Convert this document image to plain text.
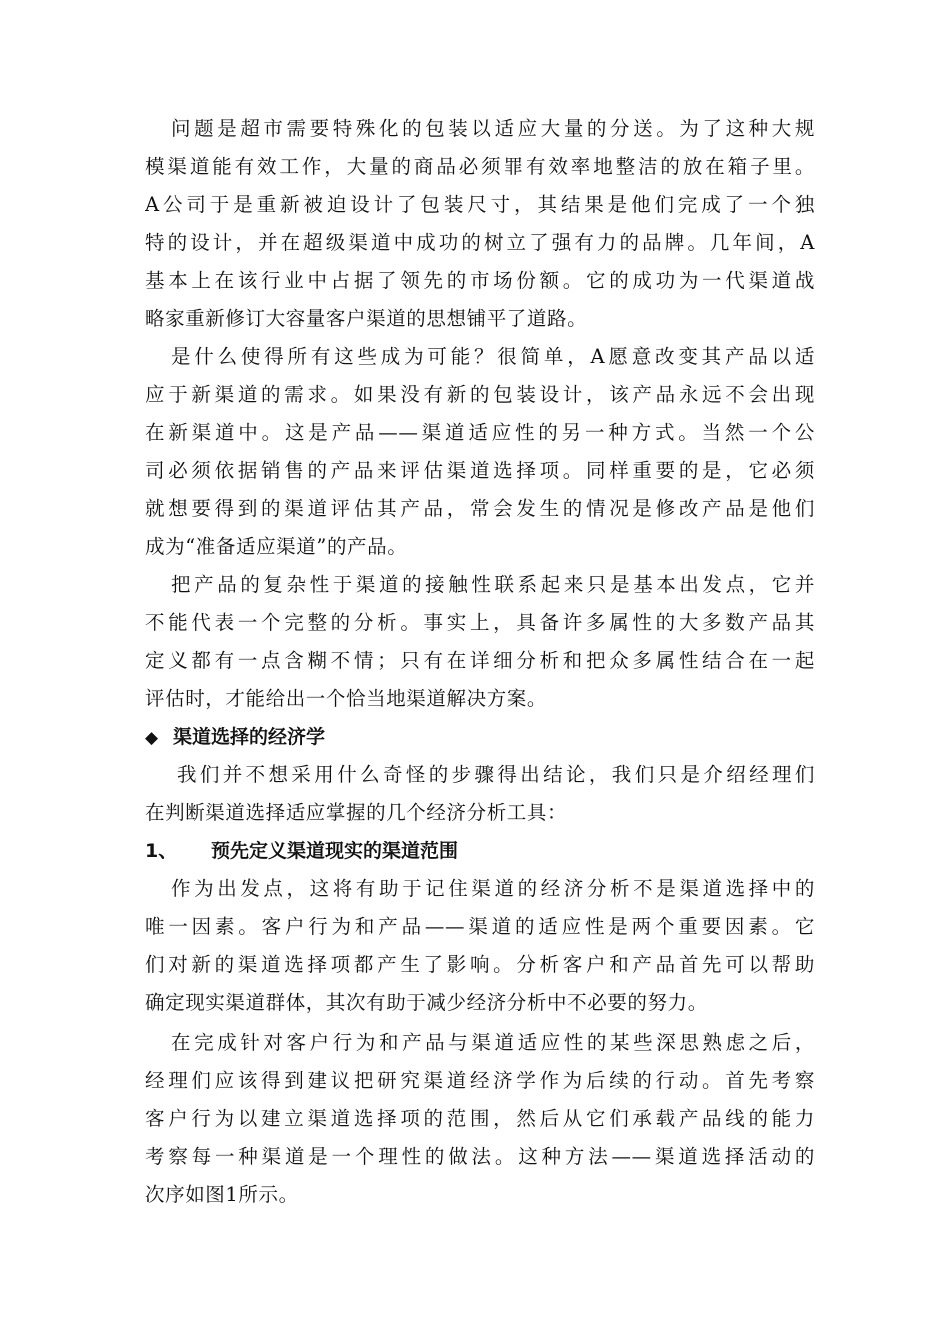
问题是超市需要特殊化的包装以适应大量的分送。为了这种大规
模渠道能有效工作，大量的商品必须罪有效率地整洁的放在箱子里。
A公司于是重新被迫设计了包装尺寸，其结果是他们完成了一个独
特的设计，并在超级渠道中成功的树立了强有力的品牌。几年间，A
基本上在该行业中占据了领先的市场份额。它的成功为一代渠道战
略家重新修订大容量客户渠道的思想铺平了道路。
是什么使得所有这些成为可能？很简单，A愿意改变其产品以适
应于新渠道的需求。如果没有新的包装设计，该产品永远不会出现
在新渠道中。这是产品——渠道适应性的另一种方式。当然一个公
司必须依据销售的产品来评估渠道选择项。同样重要的是，它必须
就想要得到的渠道评估其产品，常会发生的情况是修改产品是他们
成为“准备适应渠道”的产品。
把产品的复杂性于渠道的接触性联系起来只是基本出发点，它并
不能代表一个完整的分析。事实上，具备许多属性的大多数产品其
定义都有一点含糊不情；只有在详细分析和把众多属性结合在一起
评估时，才能给出一个恰当地渠道解决方案。
◆ 渠道选择的经济学
我们并不想采用什么奇怪的步骤得出结论，我们只是介绍经理们
在判断渠道选择适应掌握的几个经济分析工具：
1、 预先定义渠道现实的渠道范围
作为出发点，这将有助于记住渠道的经济分析不是渠道选择中的
唯一因素。客户行为和产品——渠道的适应性是两个重要因素。它
们对新的渠道选择项都产生了影响。分析客户和产品首先可以帮助
确定现实渠道群体，其次有助于减少经济分析中不必要的努力。
在完成针对客户行为和产品与渠道适应性的某些深思熟虑之后，
经理们应该得到建议把研究渠道经济学作为后续的行动。首先考察
客户行为以建立渠道选择项的范围，然后从它们承载产品线的能力
考察每一种渠道是一个理性的做法。这种方法——渠道选择活动的
次序如图1所示。
